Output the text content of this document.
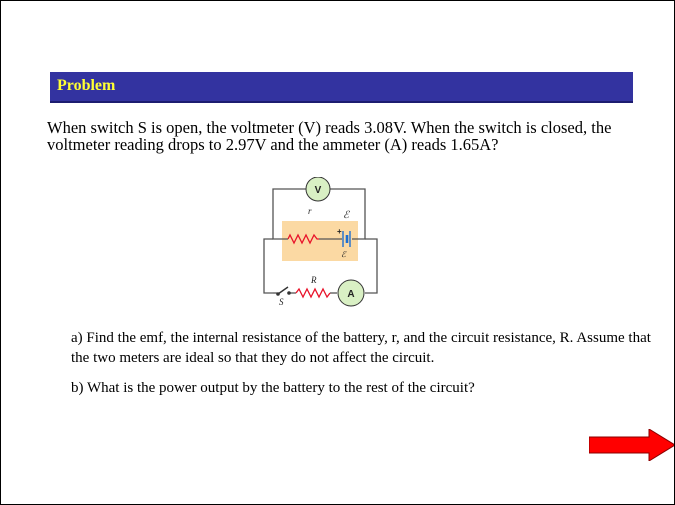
Problem
When switch S is open, the voltmeter (V) reads 3.08V. When the switch is closed, the voltmeter reading drops to 2.97V and the ammeter (A) reads 1.65A?
V
A
r	ℰ
+
ℰ
R
S
a) Find the emf, the internal resistance of the battery, r, and the circuit resistance, R. Assume that the two meters are ideal so that they do not affect the circuit.
b) What is the power output by the battery to the rest of the circuit?
